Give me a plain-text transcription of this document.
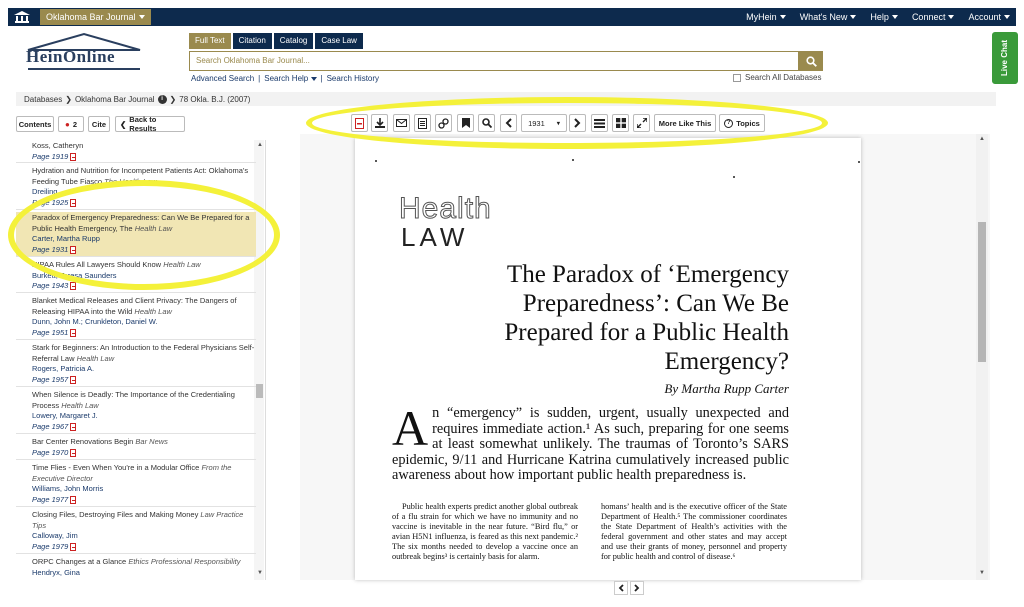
Oklahoma Bar Journal	MyHein	What's New	Help	Connect	Account
HeinOnline
Full Text	Citation	Catalog	Case Law
Search Oklahoma Bar Journal...
Advanced Search | Search Help	| Search History	Search All Databases
Live Chat
Databases ❯ Oklahoma Bar Journal	i ❯ 78 Okla. B.J. (2007)
Contents	● 2	Cite	❮ Back to Results
1931 ▾	More Like This	? Topics
▲
▼
Koss, Catheryn
Page 1919
Hydration and Nutrition for Incompetent Patients Act: Oklahoma's Feeding Tube Fiasco The Health Law
Dreiling
Page 1925
Paradox of Emergency Preparedness: Can We Be Prepared for a Public Health Emergency, The Health Law
Carter, Martha Rupp
Page 1931
HIPAA Rules All Lawyers Should Know Health Law
Burkett, Teresa Saunders
Page 1943
Blanket Medical Releases and Client Privacy: The Dangers of Releasing HIPAA into the Wild Health Law
Dunn, John M.; Crunkleton, Daniel W.
Page 1951
Stark for Beginners: An Introduction to the Federal Physicians Self-Referral Law Health Law
Rogers, Patricia A.
Page 1957
When Silence is Deadly: The Importance of the Credentialing Process Health Law
Lowery, Margaret J.
Page 1967
Bar Center Renovations Begin Bar News
Page 1970
Time Flies - Even When You're in a Modular Office From the Executive Director
Williams, John Morris
Page 1977
Closing Files, Destroying Files and Making Money Law Practice Tips
Calloway, Jim
Page 1979
ORPC Changes at a Glance Ethics Professional Responsibility
Hendryx, Gina
▲
▼
Health
LAW
The Paradox of ‘Emergency Preparedness’: Can We Be Prepared for a Public Health Emergency?
By Martha Rupp Carter
An “emergency” is sudden, urgent, usually unexpected and requires immediate action.¹ As such, preparing for one seems at least somewhat unlikely. The traumas of Toronto’s SARS epidemic, 9/11 and Hurricane Katrina cumulatively increased public awareness about how important public health preparedness is.
Public health experts predict another global outbreak of a flu strain for which we have no immunity and no vaccine is inevitable in the near future. “Bird flu,” or avian H5N1 influenza, is feared as this next pandemic.² The six months needed to develop a vaccine once an outbreak begins³ is certainly basis for alarm.
homans’ health and is the executive officer of the State Department of Health.⁵ The commissioner coordinates the State Department of Health’s activities with the federal government and other states and may accept and use their grants of money, personnel and property for public health and control of disease.⁶
